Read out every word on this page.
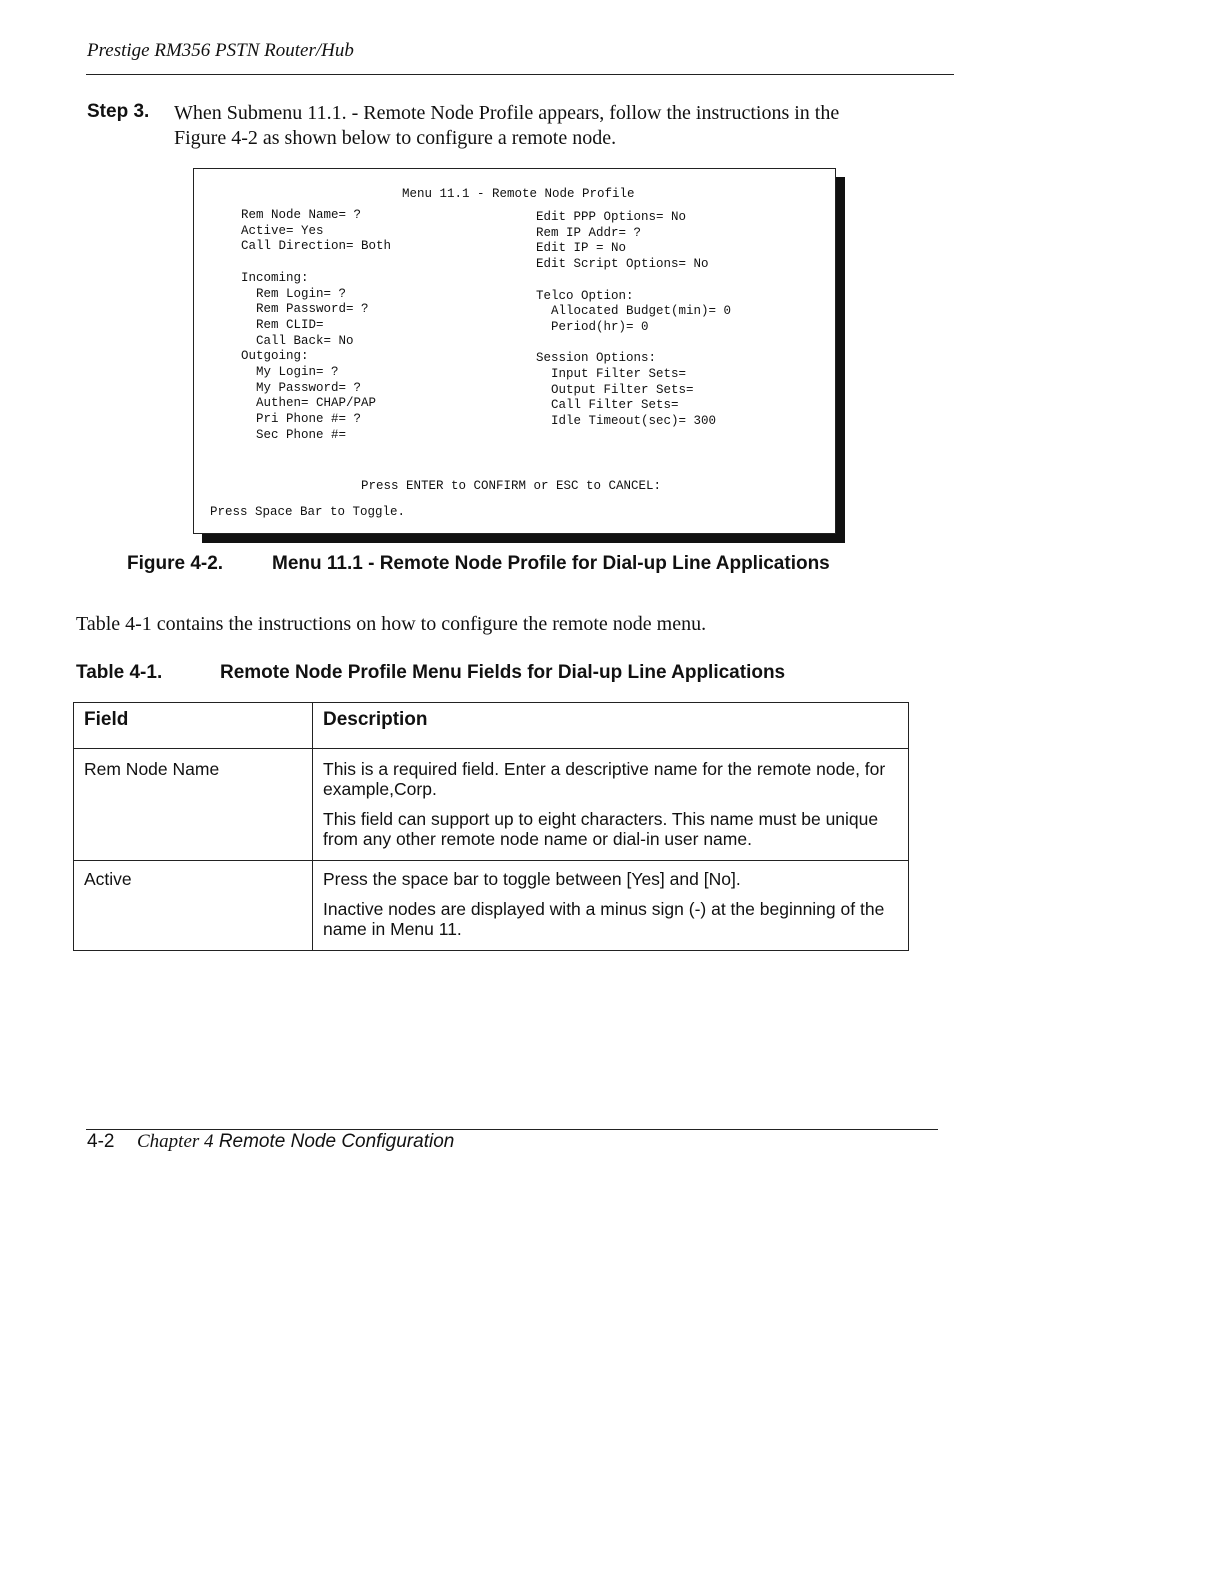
Prestige RM356 PSTN Router/Hub
Step 3. When Submenu 11.1. - Remote Node Profile appears, follow the instructions in the
Figure 4-2 as shown below to configure a remote node.
Menu 11.1 - Remote Node Profile
Rem Node Name= ?
Active= Yes
Call Direction= Both

Incoming:
Rem Login= ?
Rem Password= ?
Rem CLID=
Call Back= No
Outgoing:
My Login= ?
My Password= ?
Authen= CHAP/PAP
Pri Phone #= ?
Sec Phone #=
Edit PPP Options= No
Rem IP Addr= ?
Edit IP = No
Edit Script Options= No

Telco Option:
Allocated Budget(min)= 0
Period(hr)= 0

Session Options:
Input Filter Sets=
Output Filter Sets=
Call Filter Sets=
Idle Timeout(sec)= 300
Press ENTER to CONFIRM or ESC to CANCEL:
Press Space Bar to Toggle.
Figure 4-2.	Menu 11.1 - Remote Node Profile for Dial-up Line Applications
Table 4-1 contains the instructions on how to configure the remote node menu.
Table 4-1.	Remote Node Profile Menu Fields for Dial-up Line Applications
Field	Description
Rem Node Name	This is a required field. Enter a descriptive name for the remote node, for example,Corp.

This field can support up to eight characters. This name must be unique from any other remote node name or dial-in user name.

Active	Press the space bar to toggle between [Yes] and [No].

Inactive nodes are displayed with a minus sign (-) at the beginning of the name in Menu 11.

4-2 Chapter 4 Remote Node Configuration
